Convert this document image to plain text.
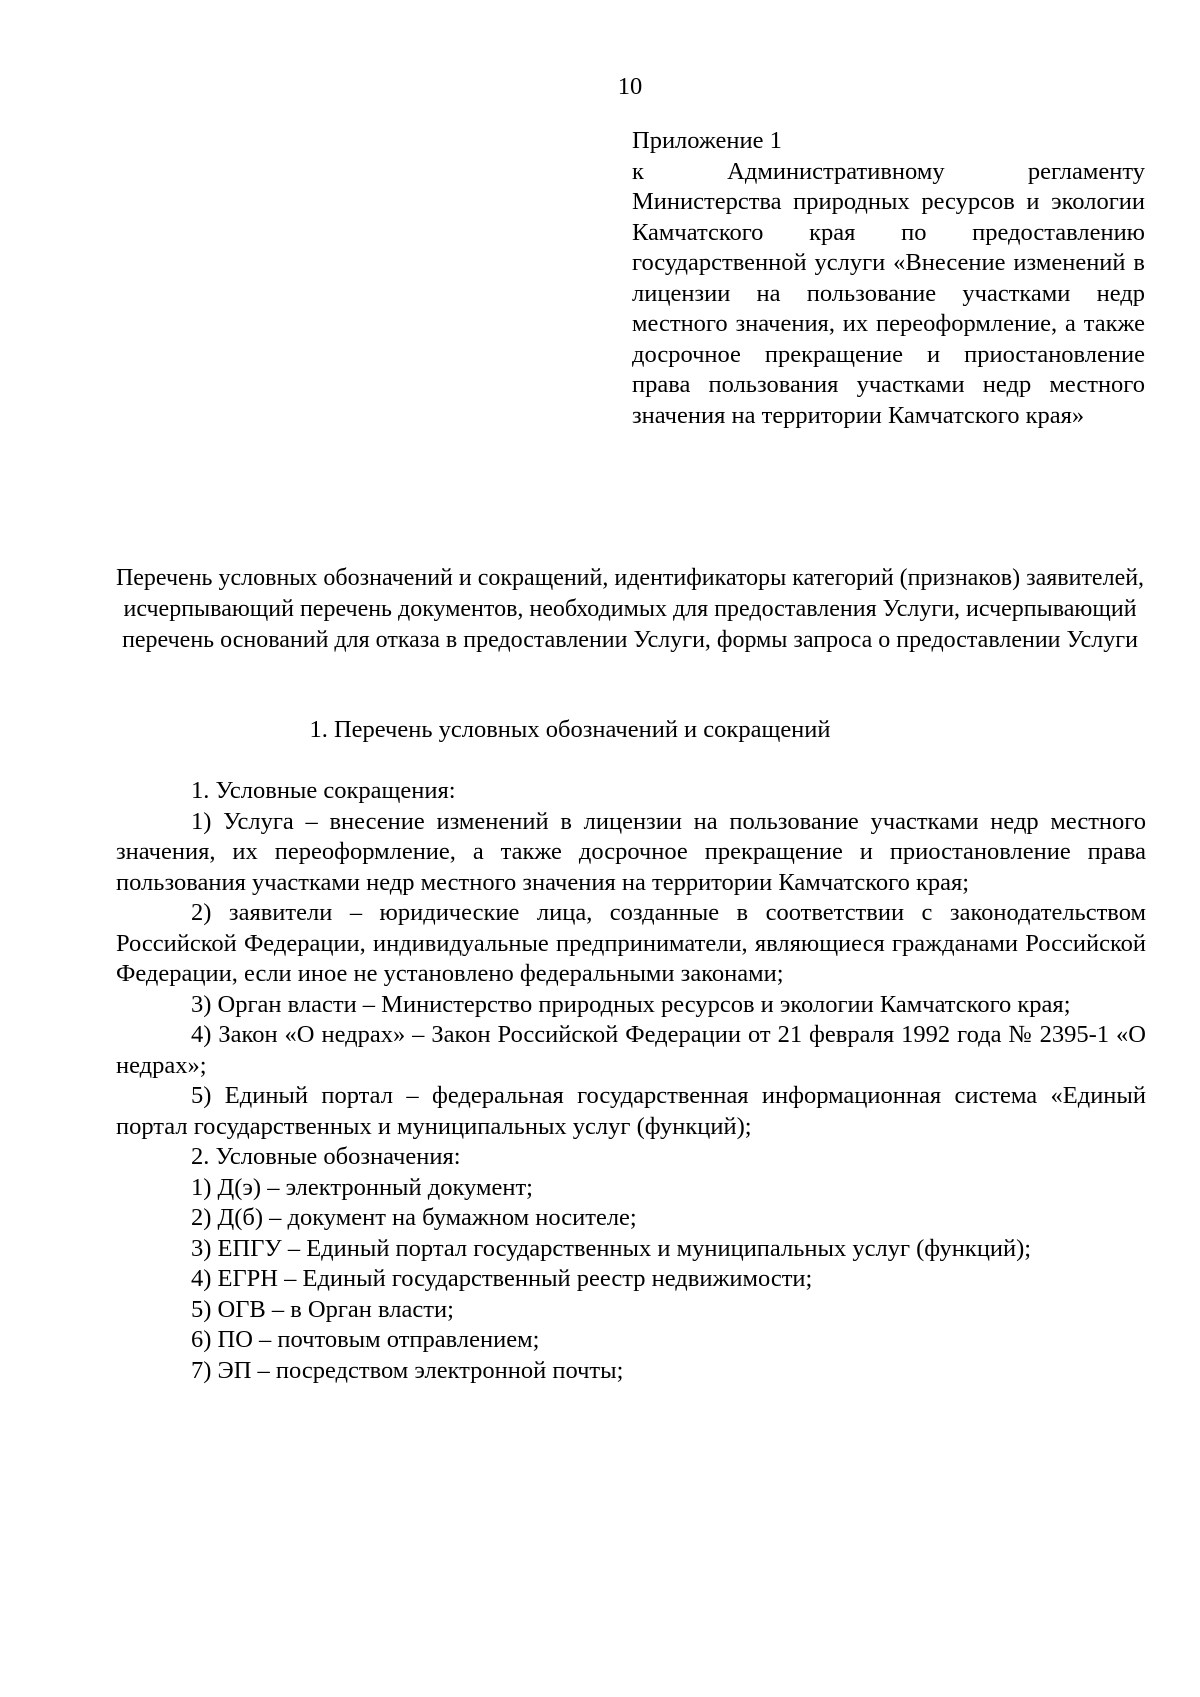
10
Приложение 1
к Административному регламенту Министерства природных ресурсов и экологии Камчатского края по предоставлению государственной услуги «Внесение изменений в лицензии на пользование участками недр местного значения, их переоформление, а также досрочное прекращение и приостановление права пользования участками недр местного значения на территории Камчатского края»
Перечень условных обозначений и сокращений, идентификаторы категорий (признаков) заявителей, исчерпывающий перечень документов, необходимых для предоставления Услуги, исчерпывающий перечень оснований для отказа в предоставлении Услуги, формы запроса о предоставлении Услуги
1. Перечень условных обозначений и сокращений

1. Условные сокращения:

1) Услуга – внесение изменений в лицензии на пользование участками недр местного значения, их переоформление, а также досрочное прекращение и приостановление права пользования участками недр местного значения на территории Камчатского края;

2) заявители – юридические лица, созданные в соответствии с законодательством Российской Федерации, индивидуальные предприниматели, являющиеся гражданами Российской Федерации, если иное не установлено федеральными законами;

3) Орган власти – Министерство природных ресурсов и экологии Камчатского края;

4) Закон «О недрах» – Закон Российской Федерации от 21 февраля 1992 года № 2395-1 «О недрах»;

5) Единый портал – федеральная государственная информационная система «Единый портал государственных и муниципальных услуг (функций);

2. Условные обозначения:

1) Д(э) – электронный документ;

2) Д(б) – документ на бумажном носителе;

3) ЕПГУ – Единый портал государственных и муниципальных услуг (функций);

4) ЕГРН – Единый государственный реестр недвижимости;

5) ОГВ – в Орган власти;

6) ПО – почтовым отправлением;

7) ЭП – посредством электронной почты;
